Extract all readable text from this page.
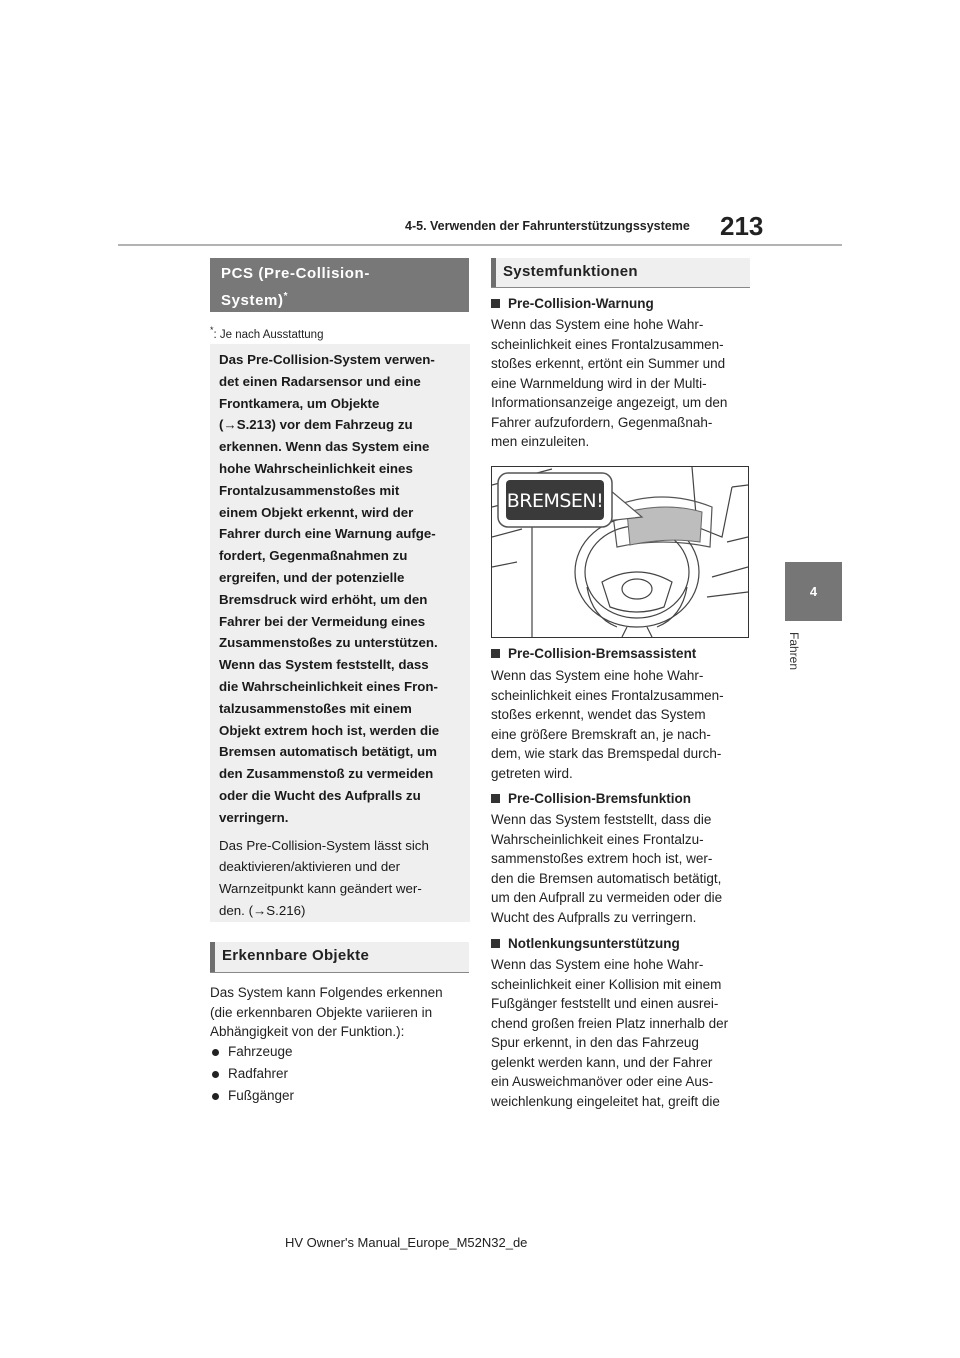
4-5. Verwenden der Fahrunterstützungssysteme 213
4
Fahren
PCS (Pre-Collision-
System)*
*: Je nach Ausstattung

Das Pre-Collision-System verwen-
det einen Radarsensor und eine
Frontkamera, um Objekte
(→S.213) vor dem Fahrzeug zu
erkennen. Wenn das System eine
hohe Wahrscheinlichkeit eines
Frontalzusammenstoßes mit
einem Objekt erkennt, wird der
Fahrer durch eine Warnung aufge-
fordert, Gegenmaßnahmen zu
ergreifen, und der potenzielle
Bremsdruck wird erhöht, um den
Fahrer bei der Vermeidung eines
Zusammenstoßes zu unterstützen.
Wenn das System feststellt, dass
die Wahrscheinlichkeit eines Fron-
talzusammenstoßes mit einem
Objekt extrem hoch ist, werden die
Bremsen automatisch betätigt, um
den Zusammenstoß zu vermeiden
oder die Wucht des Aufpralls zu
verringern.

Das Pre-Collision-System lässt sich
deaktivieren/aktivieren und der
Warnzeitpunkt kann geändert wer-
den. (→S.216)

Erkennbare Objekte
Das System kann Folgendes erkennen
(die erkennbaren Objekte variieren in
Abhängigkeit von der Funktion.):
Fahrzeuge
Radfahrer
Fußgänger
Systemfunktionen
Pre-Collision-Warnung
Wenn das System eine hohe Wahr-
scheinlichkeit eines Frontalzusammen-
stoßes erkennt, ertönt ein Summer und
eine Warnmeldung wird in der Multi-
Informationsanzeige angezeigt, um den
Fahrer aufzufordern, Gegenmaßnah-
men einzuleiten.
BREMSEN!
Pre-Collision-Bremsassistent
Wenn das System eine hohe Wahr-
scheinlichkeit eines Frontalzusammen-
stoßes erkennt, wendet das System
eine größere Bremskraft an, je nach-
dem, wie stark das Bremspedal durch-
getreten wird.
Pre-Collision-Bremsfunktion
Wenn das System feststellt, dass die
Wahrscheinlichkeit eines Frontalzu-
sammenstoßes extrem hoch ist, wer-
den die Bremsen automatisch betätigt,
um den Aufprall zu vermeiden oder die
Wucht des Aufpralls zu verringern.
Notlenkungsunterstützung
Wenn das System eine hohe Wahr-
scheinlichkeit einer Kollision mit einem
Fußgänger feststellt und einen ausrei-
chend großen freien Platz innerhalb der
Spur erkennt, in den das Fahrzeug
gelenkt werden kann, und der Fahrer
ein Ausweichmanöver oder eine Aus-
weichlenkung eingeleitet hat, greift die
HV Owner's Manual_Europe_M52N32_de
